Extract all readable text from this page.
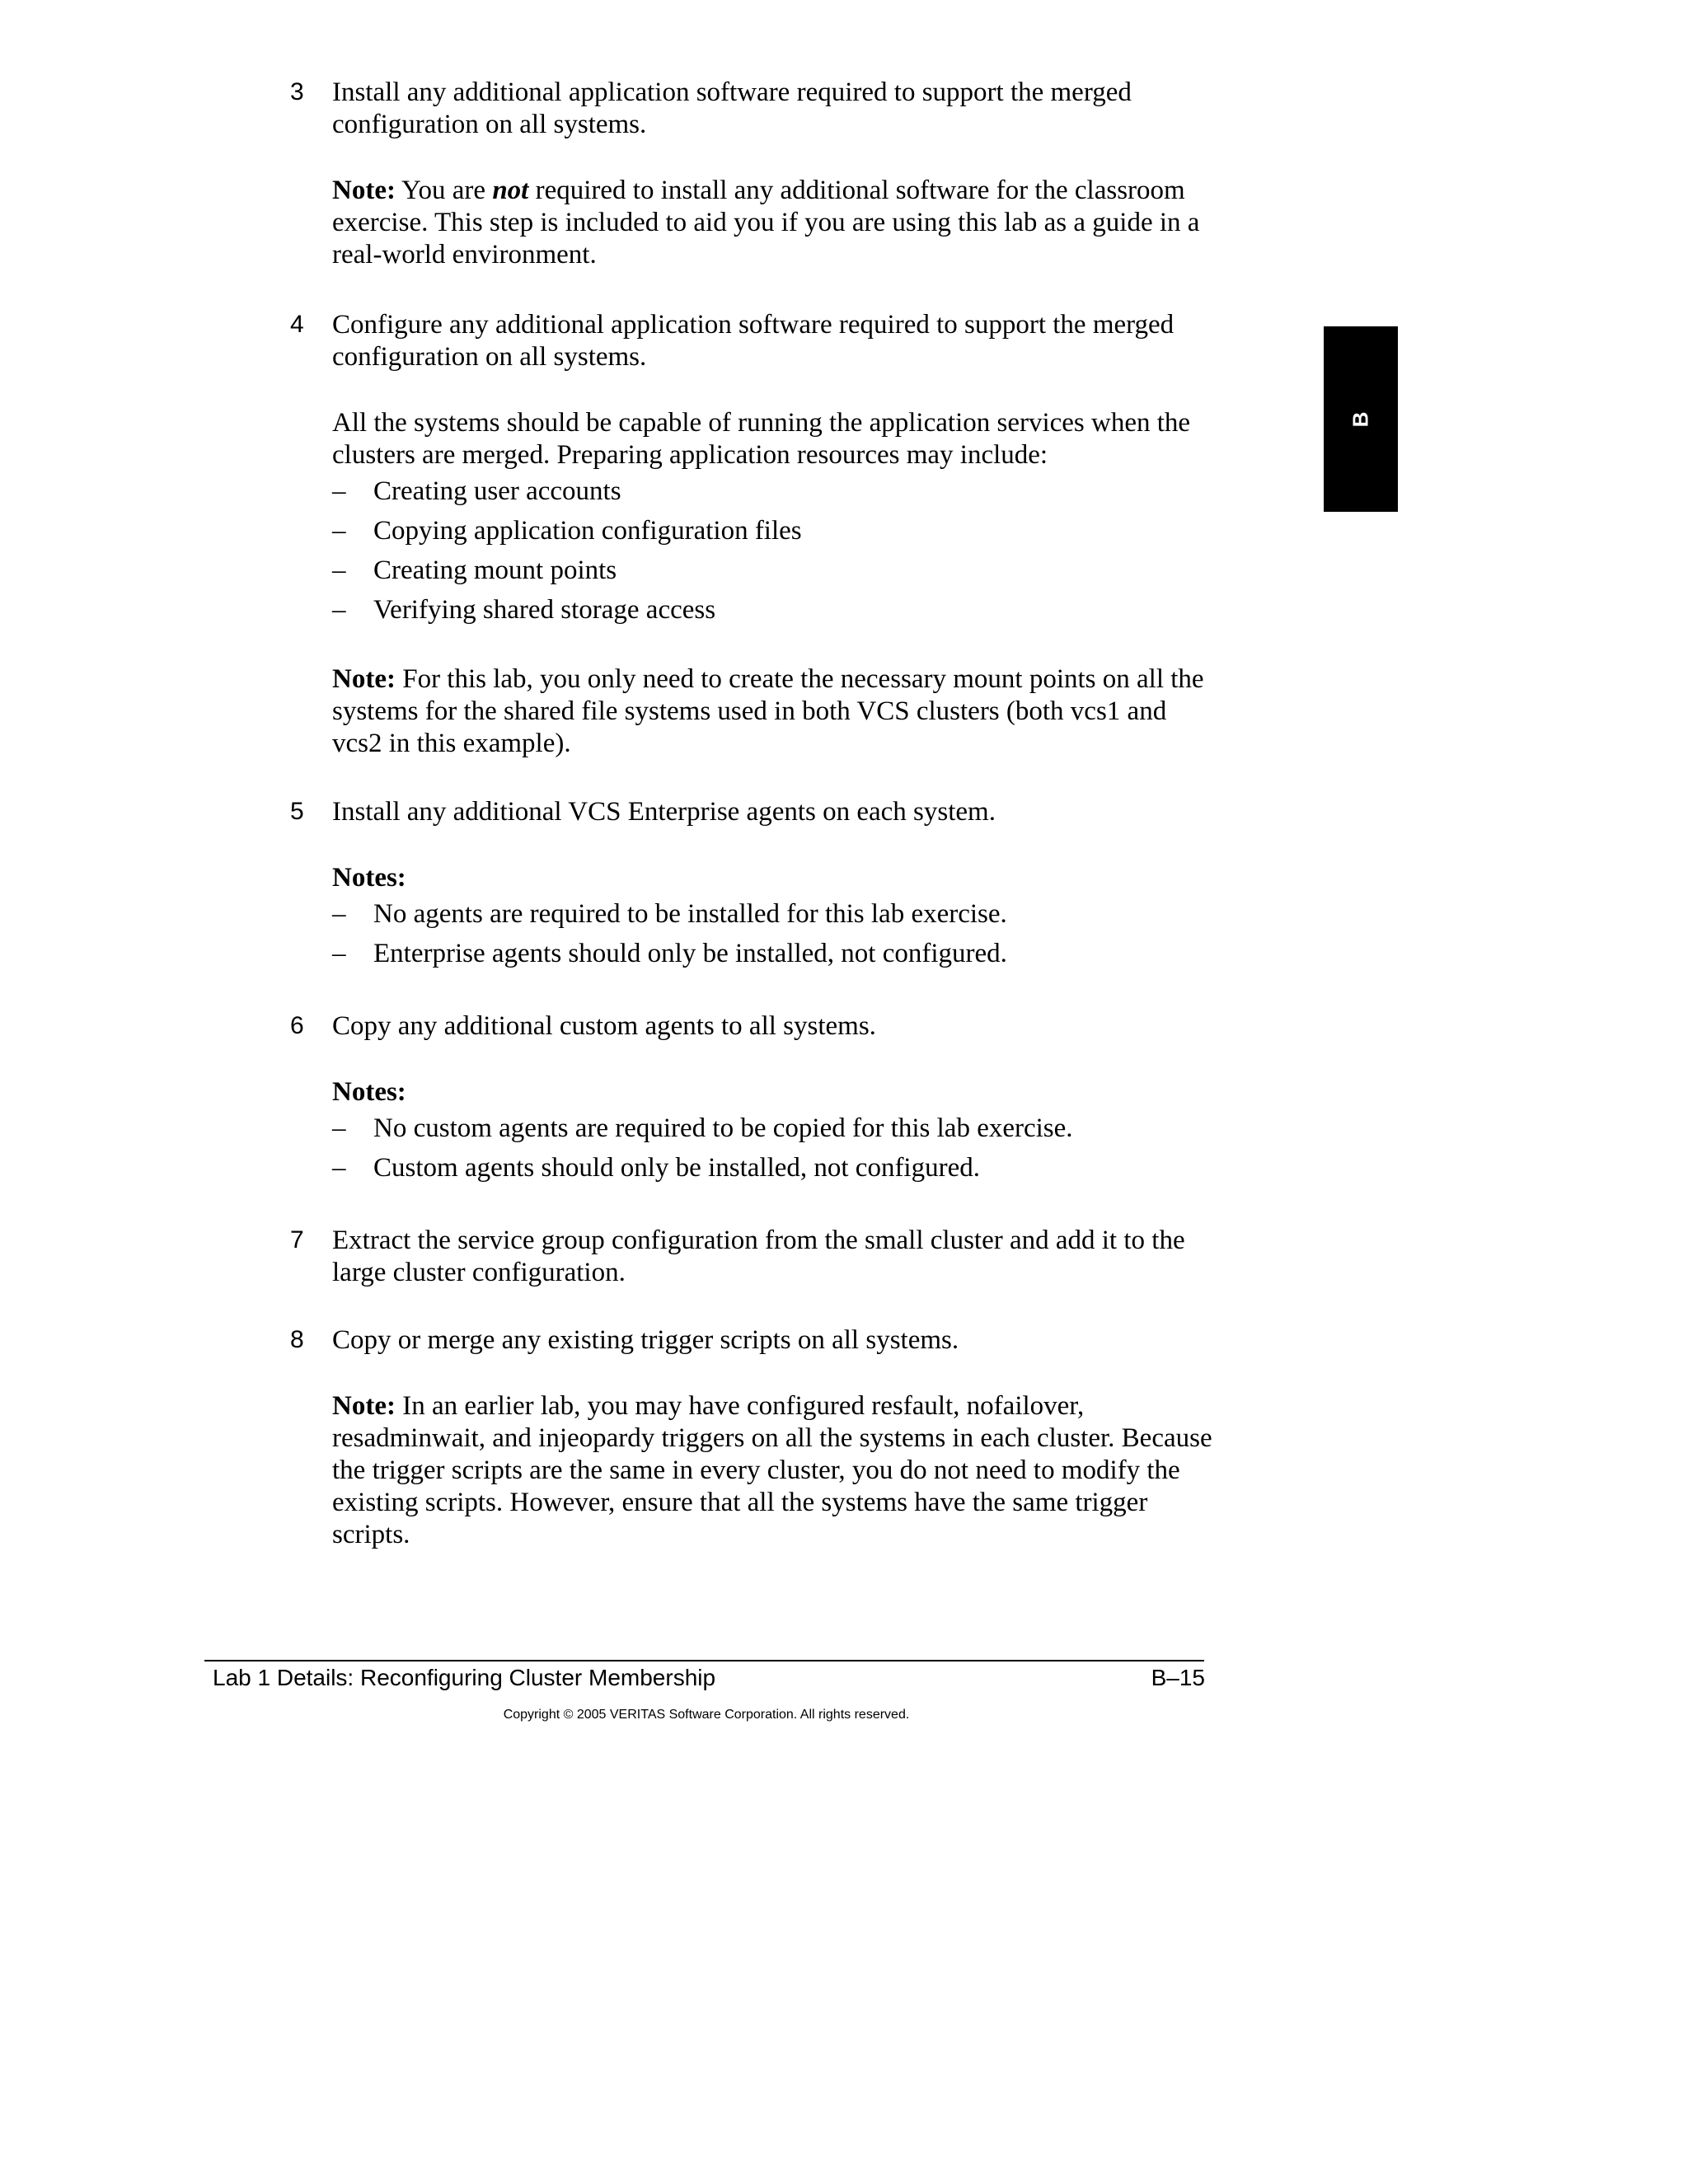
3	Install any additional application software required to support the merged configuration on all systems.

Note: You are not required to install any additional software for the classroom exercise. This step is included to aid you if you are using this lab as a guide in a real-world environment.

4	Configure any additional application software required to support the merged configuration on all systems.

All the systems should be capable of running the application services when the clusters are merged. Preparing application resources may include:

–	Creating user accounts
–	Copying application configuration files
–	Creating mount points
–	Verifying shared storage access

Note: For this lab, you only need to create the necessary mount points on all the systems for the shared file systems used in both VCS clusters (both vcs1 and vcs2 in this example).

5	Install any additional VCS Enterprise agents on each system.

Notes:

–	No agents are required to be installed for this lab exercise.
–	Enterprise agents should only be installed, not configured.
6	Copy any additional custom agents to all systems.

Notes:

–	No custom agents are required to be copied for this lab exercise.
–	Custom agents should only be installed, not configured.
7	Extract the service group configuration from the small cluster and add it to the large cluster configuration.

8	Copy or merge any existing trigger scripts on all systems.

Note: In an earlier lab, you may have configured resfault, nofailover, resadminwait, and injeopardy triggers on all the systems in each cluster. Because the trigger scripts are the same in every cluster, you do not need to modify the existing scripts. However, ensure that all the systems have the same trigger scripts.

B
Lab 1 Details: Reconfiguring Cluster Membership	B–15
Copyright © 2005 VERITAS Software Corporation. All rights reserved.
